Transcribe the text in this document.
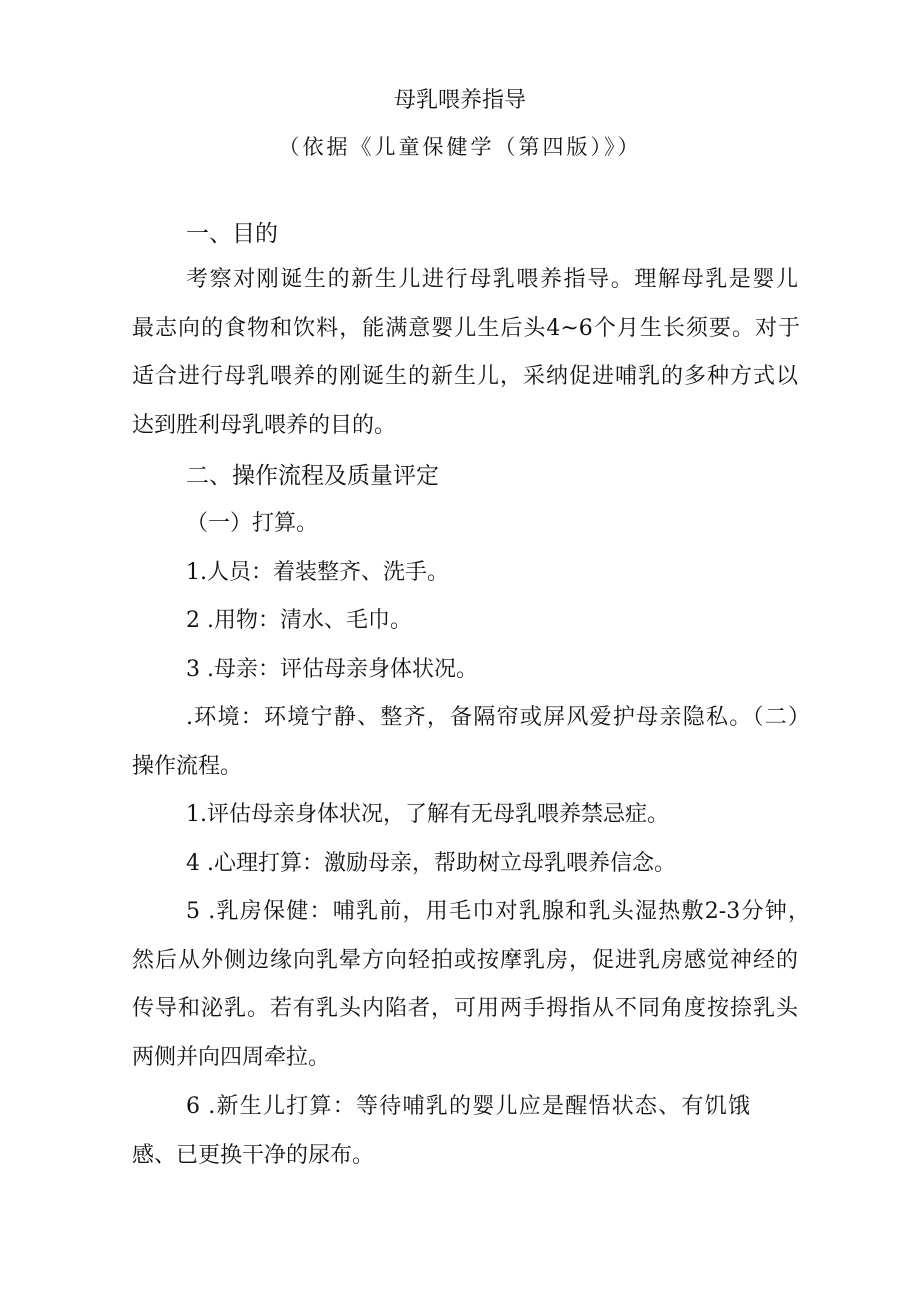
母乳喂养指导
（依据《儿童保健学（第四版）》）
一、目的
考察对刚诞生的新生儿进行母乳喂养指导。理解母乳是婴儿
最志向的食物和饮料，能满意婴儿生后头4~6个月生长须要。对于
适合进行母乳喂养的刚诞生的新生儿，采纳促进哺乳的多种方式以
达到胜利母乳喂养的目的。
二、操作流程及质量评定
（一）打算。
1.人员：着装整齐、洗手。
2 .用物：清水、毛巾。
3 .母亲：评估母亲身体状况。
.环境：环境宁静、整齐，备隔帘或屏风爱护母亲隐私。（二）
操作流程。
1.评估母亲身体状况，了解有无母乳喂养禁忌症。
4 .心理打算：激励母亲，帮助树立母乳喂养信念。
5 .乳房保健：哺乳前，用毛巾对乳腺和乳头湿热敷2-3分钟，
然后从外侧边缘向乳晕方向轻拍或按摩乳房，促进乳房感觉神经的
传导和泌乳。若有乳头内陷者，可用两手拇指从不同角度按捺乳头
两侧并向四周牵拉。
6 .新生儿打算：等待哺乳的婴儿应是醒悟状态、有饥饿
感、已更换干净的尿布。
